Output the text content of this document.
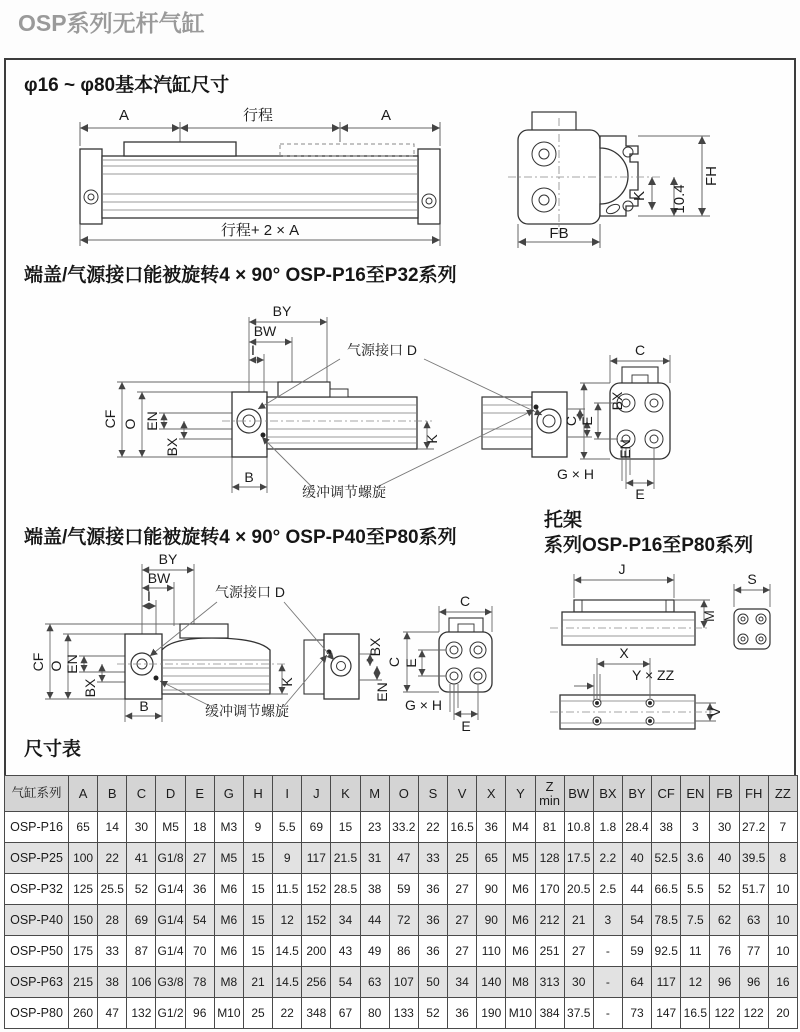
OSP系列无杆气缸
φ16 ~ φ80基本汽缸尺寸
A	行程	A
行程+ 2 × A
FH
10.4
K
FB
端盖/气源接口能被旋转4 × 90° OSP-P16至P32系列
BY
BW
I
CF O EN
BX
B
K
BX
EN
气源接口 D
缓冲调节螺旋
C
C E
G × H
E
端盖/气源接口能被旋转4 × 90° OSP-P40至P80系列
托架
系列OSP-P16至P80系列
BY
BW
I
CF O EN
BX
B
K
BX
EN
气源接口 D
缓冲调节螺旋
C
C E
G × H
E
J
M
S
X
Y × ZZ
V
尺寸表
气缸系列	A	B	C	D	E	G	H	I	J	K	M	O	S	V	X	Y	Z min	BW	BX	BY	CF	EN	FB	FH	ZZ
OSP-P16	65	14	30	M5	18	M3	9	5.5	69	15	23	33.2	22	16.5	36	M4	81	10.8	1.8	28.4	38	3	30	27.2	7
OSP-P25	100	22	41	G1/8	27	M5	15	9	117	21.5	31	47	33	25	65	M5	128	17.5	2.2	40	52.5	3.6	40	39.5	8
OSP-P32	125	25.5	52	G1/4	36	M6	15	11.5	152	28.5	38	59	36	27	90	M6	170	20.5	2.5	44	66.5	5.5	52	51.7	10
OSP-P40	150	28	69	G1/4	54	M6	15	12	152	34	44	72	36	27	90	M6	212	21	3	54	78.5	7.5	62	63	10
OSP-P50	175	33	87	G1/4	70	M6	15	14.5	200	43	49	86	36	27	110	M6	251	27	-	59	92.5	11	76	77	10
OSP-P63	215	38	106	G3/8	78	M8	21	14.5	256	54	63	107	50	34	140	M8	313	30	-	64	117	12	96	96	16
OSP-P80	260	47	132	G1/2	96	M10	25	22	348	67	80	133	52	36	190	M10	384	37.5	-	73	147	16.5	122	122	20
